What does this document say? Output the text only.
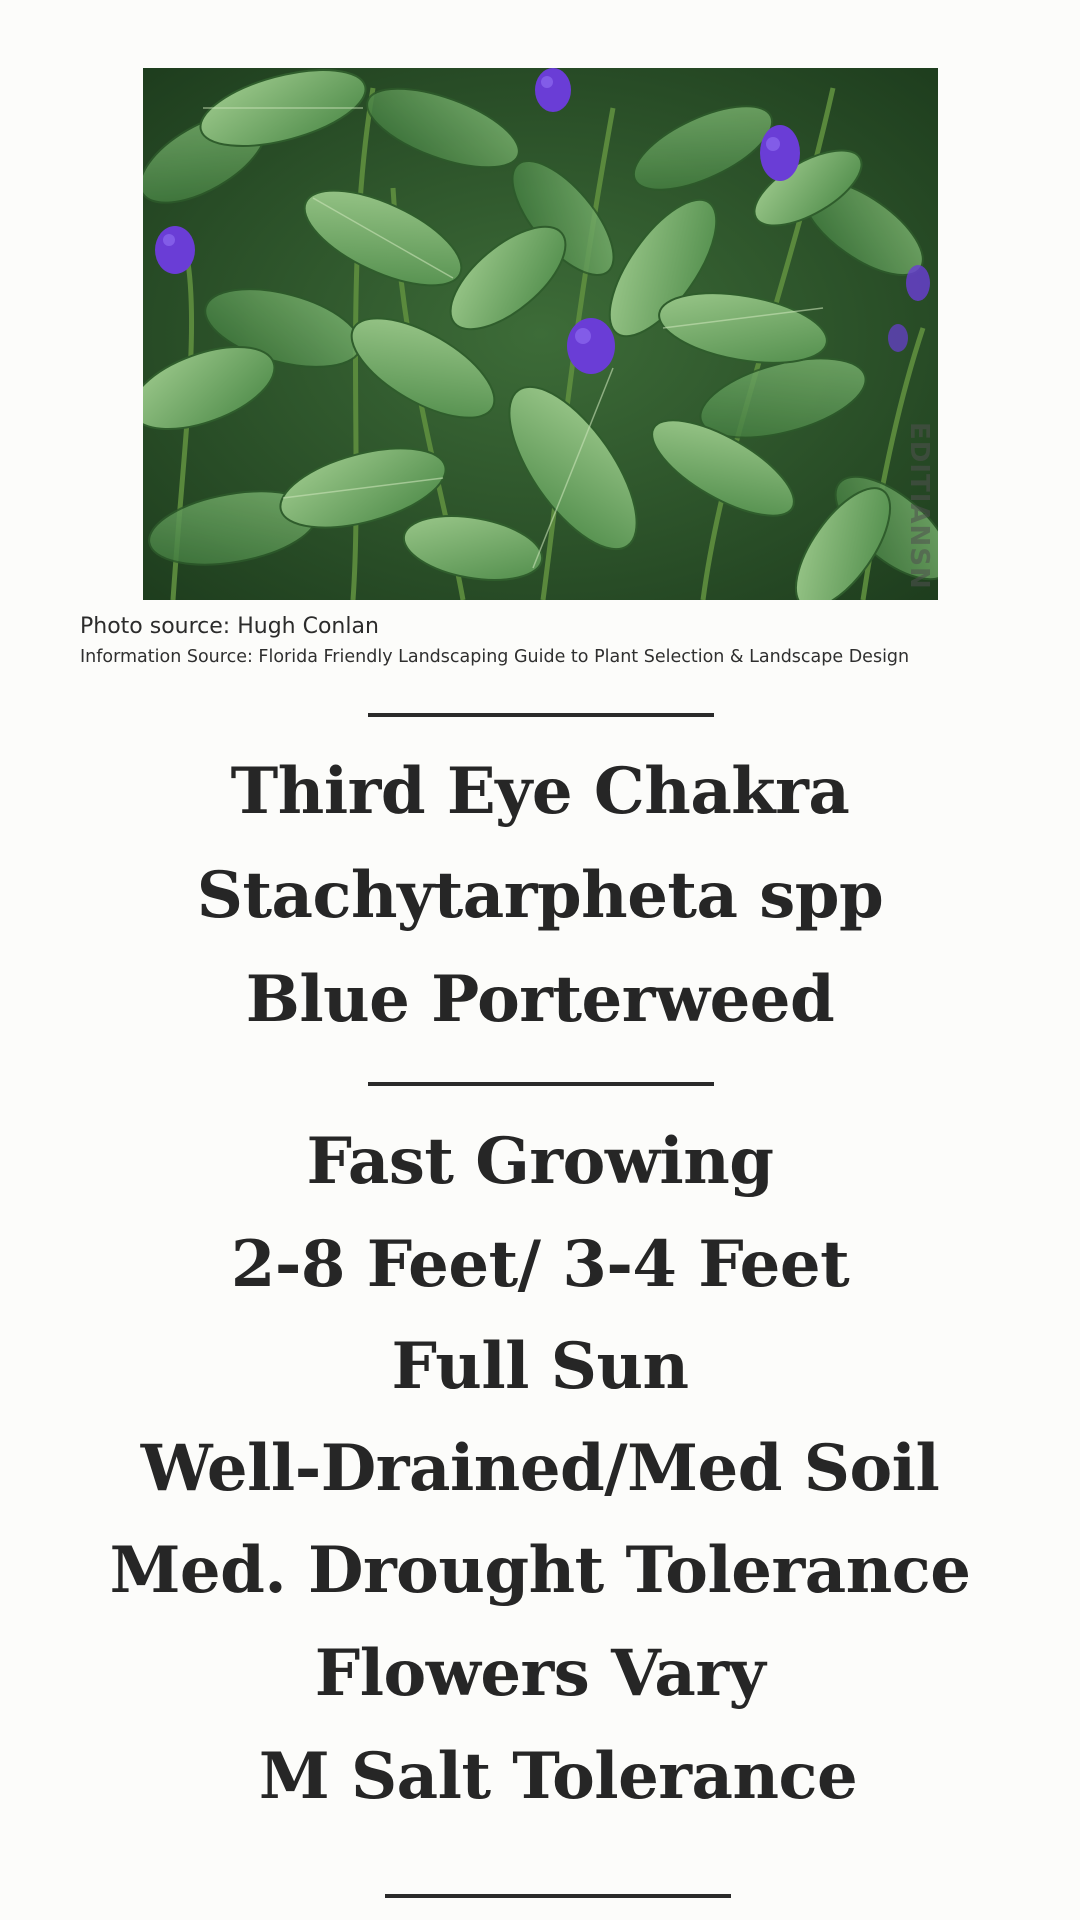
EDITIANSN
Photo source: Hugh Conlan
Information Source: Florida Friendly Landscaping Guide to Plant Selection & Landscape Design
Third Eye Chakra
Stachytarpheta spp
Blue Porterweed
Fast Growing
2-8 Feet/ 3-4 Feet
Full Sun
Well-Drained/Med Soil
Med. Drought Tolerance
Flowers Vary
M Salt Tolerance
